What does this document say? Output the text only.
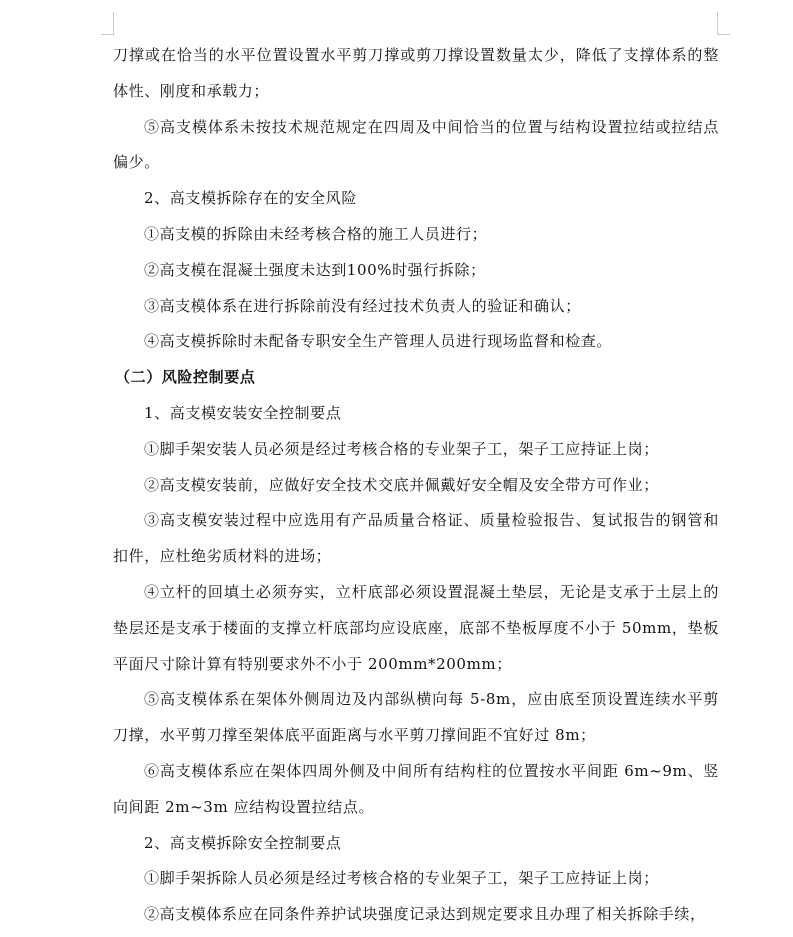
刀撑或在恰当的水平位置设置水平剪刀撑或剪刀撑设置数量太少，降低了支撑体系的整体性、刚度和承载力；

⑤高支模体系未按技术规范规定在四周及中间恰当的位置与结构设置拉结或拉结点偏少。

2、高支模拆除存在的安全风险

①高支模的拆除由未经考核合格的施工人员进行；

②高支模在混凝土强度未达到100%时强行拆除；

③高支模体系在进行拆除前没有经过技术负责人的验证和确认；

④高支模拆除时未配备专职安全生产管理人员进行现场监督和检查。

（二）风险控制要点

1、高支模安装安全控制要点

①脚手架安装人员必须是经过考核合格的专业架子工，架子工应持证上岗；

②高支模安装前，应做好安全技术交底并佩戴好安全帽及安全带方可作业；

③高支模安装过程中应选用有产品质量合格证、质量检验报告、复试报告的钢管和扣件，应杜绝劣质材料的进场；

④立杆的回填土必须夯实，立杆底部必须设置混凝土垫层，无论是支承于土层上的垫层还是支承于楼面的支撑立杆底部均应设底座，底部不垫板厚度不小于 50mm，垫板平面尺寸除计算有特别要求外不小于 200mm*200mm；

⑤高支模体系在架体外侧周边及内部纵横向每 5-8m，应由底至顶设置连续水平剪刀撑，水平剪刀撑至架体底平面距离与水平剪刀撑间距不宜好过 8m；

⑥高支模体系应在架体四周外侧及中间所有结构柱的位置按水平间距 6m~9m、竖向间距 2m~3m 应结构设置拉结点。

2、高支模拆除安全控制要点

①脚手架拆除人员必须是经过考核合格的专业架子工，架子工应持证上岗；

②高支模体系应在同条件养护试块强度记录达到规定要求且办理了相关拆除手续，
